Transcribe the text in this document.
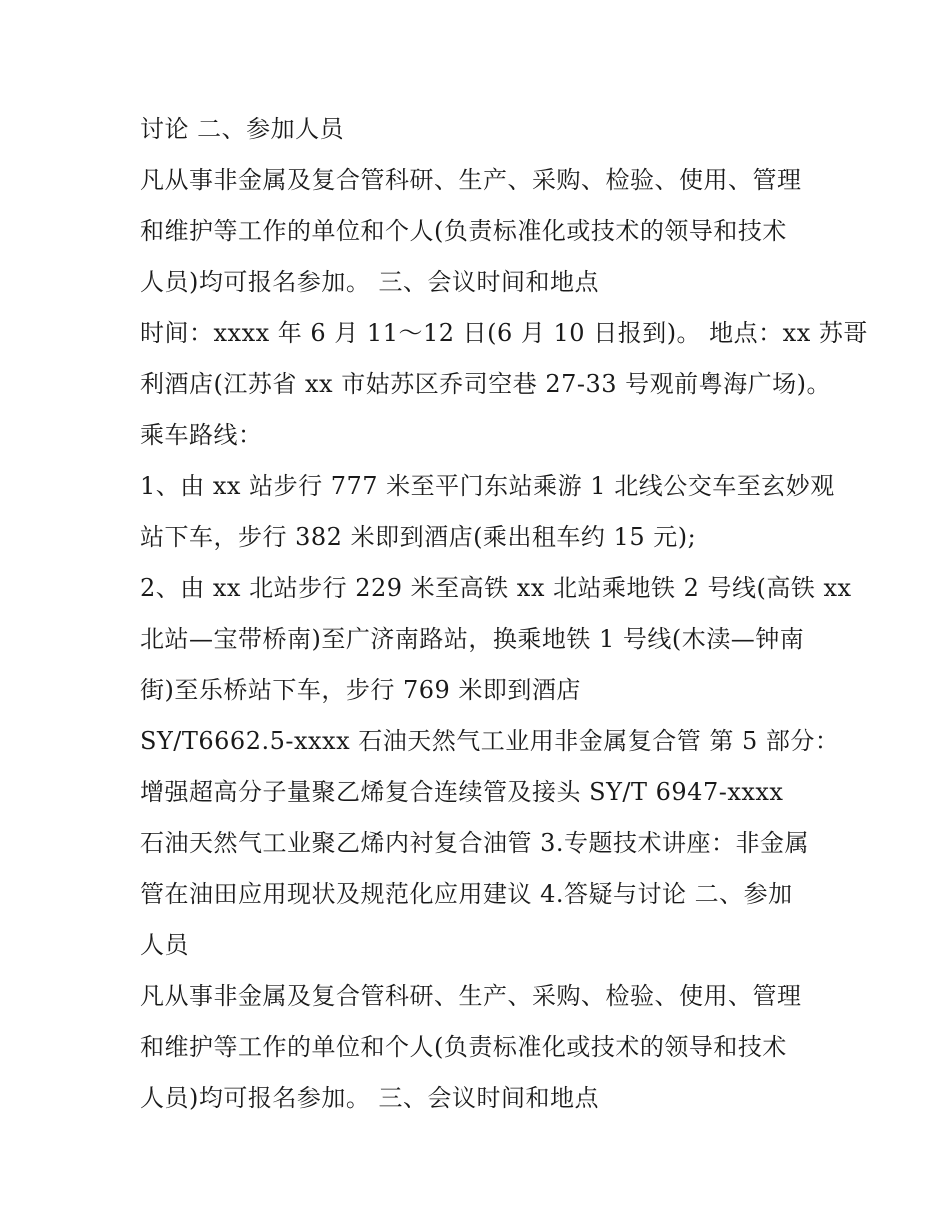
讨论 二、参加人员
凡从事非金属及复合管科研、生产、采购、检验、使用、管理
和维护等工作的单位和个人(负责标准化或技术的领导和技术
人员)均可报名参加。 三、会议时间和地点
时间：xxxx 年 6 月 11～12 日(6 月 10 日报到)。 地点：xx 苏哥
利酒店(江苏省 xx 市姑苏区乔司空巷 27-33 号观前粤海广场)。
乘车路线：
1、由 xx 站步行 777 米至平门东站乘游 1 北线公交车至玄妙观
站下车，步行 382 米即到酒店(乘出租车约 15 元);
2、由 xx 北站步行 229 米至高铁 xx 北站乘地铁 2 号线(高铁 xx
北站—宝带桥南)至广济南路站，换乘地铁 1 号线(木渎—钟南
街)至乐桥站下车，步行 769 米即到酒店
SY/T6662.5-xxxx 石油天然气工业用非金属复合管 第 5 部分：
增强超高分子量聚乙烯复合连续管及接头 SY/T 6947-xxxx
石油天然气工业聚乙烯内衬复合油管 3.专题技术讲座：非金属
管在油田应用现状及规范化应用建议 4.答疑与讨论 二、参加
人员
凡从事非金属及复合管科研、生产、采购、检验、使用、管理
和维护等工作的单位和个人(负责标准化或技术的领导和技术
人员)均可报名参加。 三、会议时间和地点
